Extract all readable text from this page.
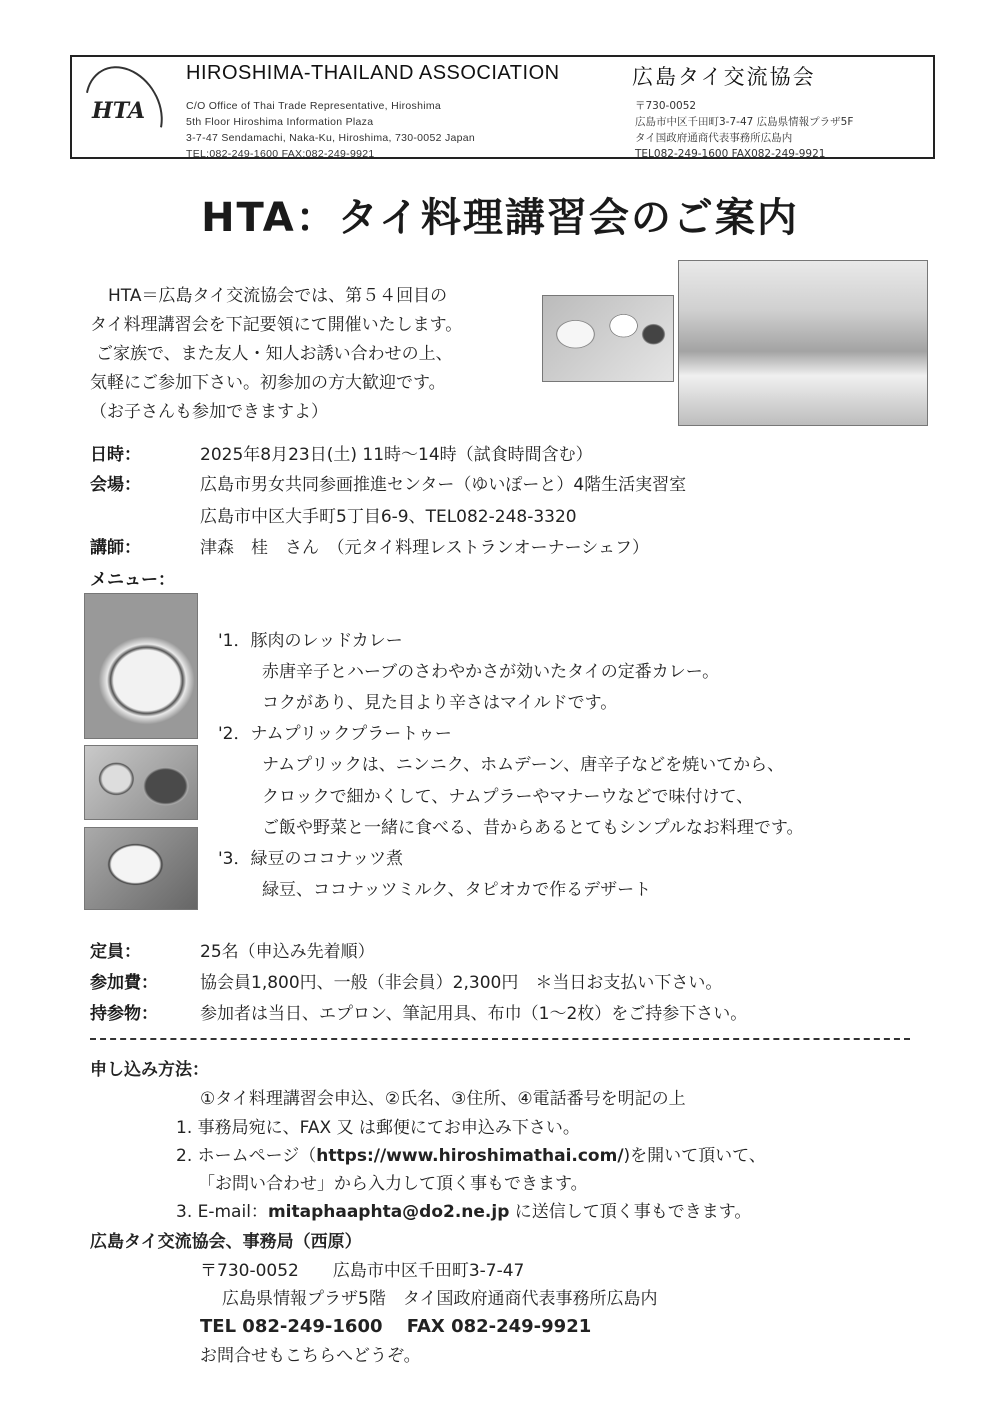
HTA
HIROSHIMA-THAILAND ASSOCIATION	広島タイ交流協会
C/O Office of Thai Trade Representative, Hiroshima
5th Floor Hiroshima Information Plaza
3-7-47 Sendamachi, Naka-Ku, Hiroshima, 730-0052 Japan
TEL:082-249-1600 FAX:082-249-9921
〒730-0052
広島市中区千田町3-7-47 広島県情報プラザ5F
タイ国政府通商代表事務所広島内
TEL082-249-1600 FAX082-249-9921
HTA：タイ料理講習会のご案内
HTA＝広島タイ交流協会では、第５４回目の
タイ料理講習会を下記要領にて開催いたします。
ご家族で、また友人・知人お誘い合わせの上、
気軽にご参加下さい。初参加の方大歓迎です。
（お子さんも参加できますよ）
日時：	2025年8月23日(土) 11時～14時（試食時間含む）
会場：	広島市男女共同参画推進センター（ゆいぽーと）4階生活実習室
広島市中区大手町5丁目6-9、TEL082-248-3320
講師：	津森　桂　さん　（元タイ料理レストランオーナーシェフ）
メニュー：
'1．豚肉のレッドカレー
赤唐辛子とハーブのさわやかさが効いたタイの定番カレー。
コクがあり、見た目より辛さはマイルドです。
'2．ナムプリックプラートゥー
ナムプリックは、ニンニク、ホムデーン、唐辛子などを焼いてから、
クロックで細かくして、ナムプラーやマナーウなどで味付けて、
ご飯や野菜と一緒に食べる、昔からあるとてもシンプルなお料理です。
'3．緑豆のココナッツ煮
緑豆、ココナッツミルク、タピオカで作るデザート
定員：	25名（申込み先着順）
参加費： 協会員1,800円、一般（非会員）2,300円　＊当日お支払い下さい。
持参物： 参加者は当日、エプロン、筆記用具、布巾（1～2枚）をご持参下さい。
申し込み方法：
①タイ料理講習会申込、②氏名、③住所、④電話番号を明記の上
1. 事務局宛に、FAX 又 は郵便にてお申込み下さい。
2. ホームページ（https://www.hiroshimathai.com/)を開いて頂いて、
「お問い合わせ」から入力して頂く事もできます。
3. E-mail：mitaphaaphta@do2.ne.jp に送信して頂く事もできます。
広島タイ交流協会、事務局（西原）
〒730-0052　　広島市中区千田町3-7-47
広島県情報プラザ5階　タイ国政府通商代表事務所広島内
TEL 082-249-1600　 FAX 082-249-9921
お問合せもこちらへどうぞ。
